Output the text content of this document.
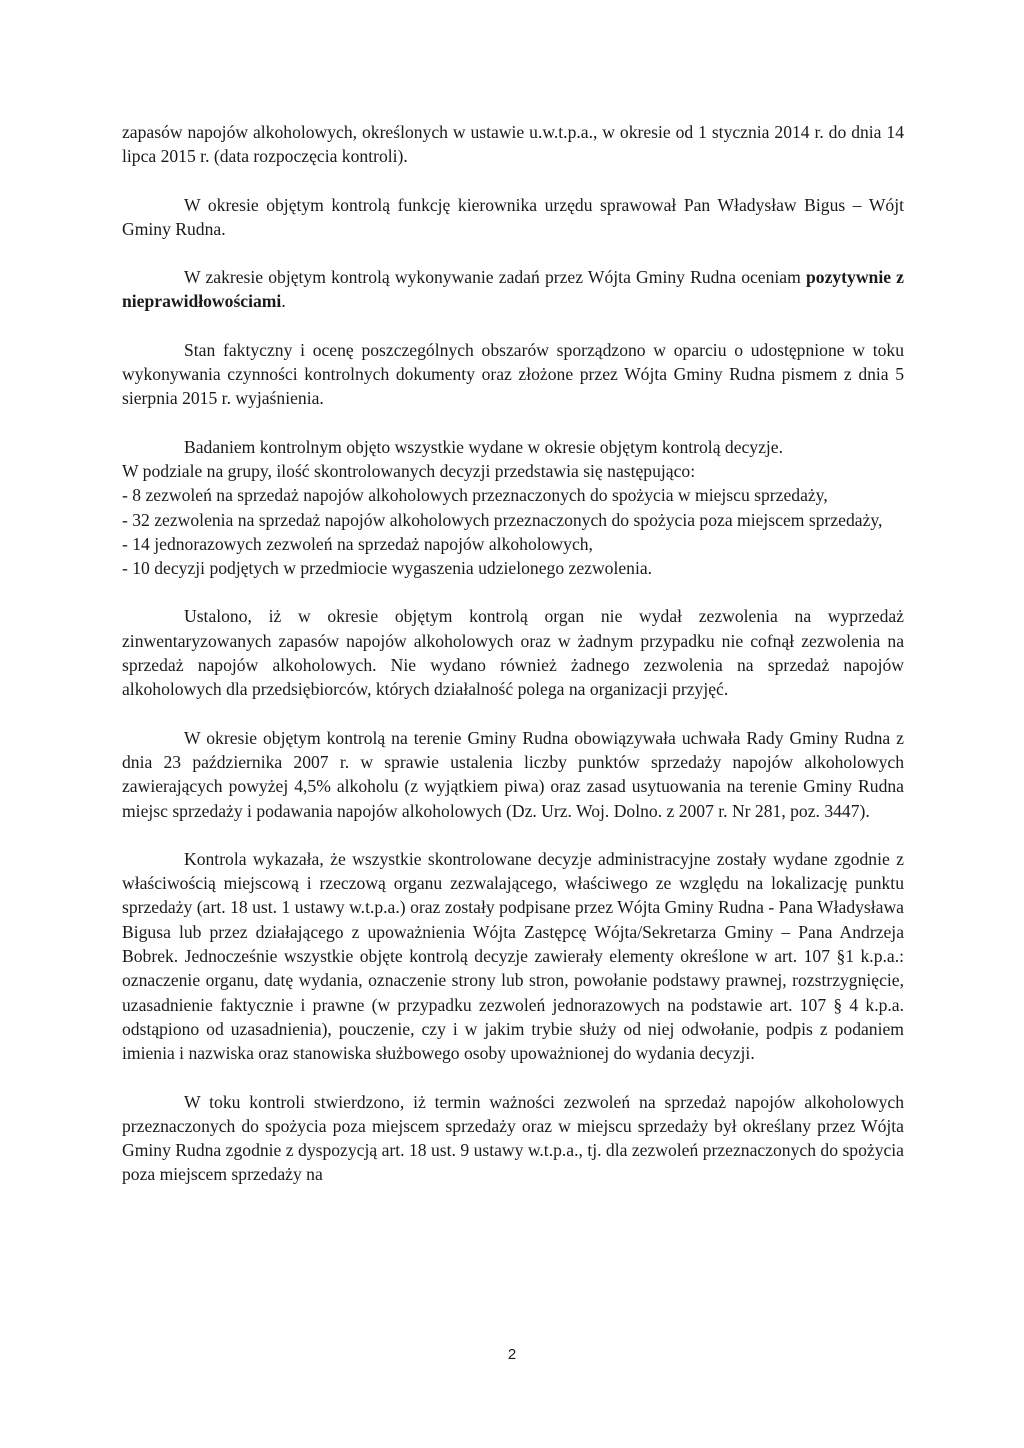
zapasów napojów alkoholowych, określonych w ustawie u.w.t.p.a., w okresie od 1 stycznia 2014 r. do dnia 14 lipca 2015 r. (data rozpoczęcia kontroli).

W okresie objętym kontrolą funkcję kierownika urzędu sprawował Pan Władysław Bigus – Wójt Gminy Rudna.

W zakresie objętym kontrolą wykonywanie zadań przez Wójta Gminy Rudna oceniam pozytywnie z nieprawidłowościami.

Stan faktyczny i ocenę poszczególnych obszarów sporządzono w oparciu o udostępnione w toku wykonywania czynności kontrolnych dokumenty oraz złożone przez Wójta Gminy Rudna pismem z dnia 5 sierpnia 2015 r. wyjaśnienia.

Badaniem kontrolnym objęto wszystkie wydane w okresie objętym kontrolą decyzje.

W podziale na grupy, ilość skontrolowanych decyzji przedstawia się następująco:

- 8 zezwoleń na sprzedaż napojów alkoholowych przeznaczonych do spożycia w miejscu sprzedaży,
- 32 zezwolenia na sprzedaż napojów alkoholowych przeznaczonych do spożycia poza miejscem sprzedaży,
- 14 jednorazowych zezwoleń na sprzedaż napojów alkoholowych,
- 10 decyzji podjętych w przedmiocie wygaszenia udzielonego zezwolenia.

Ustalono, iż w okresie objętym kontrolą organ nie wydał zezwolenia na wyprzedaż zinwentaryzowanych zapasów napojów alkoholowych oraz w żadnym przypadku nie cofnął zezwolenia na sprzedaż napojów alkoholowych. Nie wydano również żadnego zezwolenia na sprzedaż napojów alkoholowych dla przedsiębiorców, których działalność polega na organizacji przyjęć.

W okresie objętym kontrolą na terenie Gminy Rudna obowiązywała uchwała Rady Gminy Rudna z dnia 23 października 2007 r. w sprawie ustalenia liczby punktów sprzedaży napojów alkoholowych zawierających powyżej 4,5% alkoholu (z wyjątkiem piwa) oraz zasad usytuowania na terenie Gminy Rudna miejsc sprzedaży i podawania napojów alkoholowych (Dz. Urz. Woj. Dolno. z 2007 r. Nr 281, poz. 3447).

Kontrola wykazała, że wszystkie skontrolowane decyzje administracyjne zostały wydane zgodnie z właściwością miejscową i rzeczową organu zezwalającego, właściwego ze względu na lokalizację punktu sprzedaży (art. 18 ust. 1 ustawy w.t.p.a.) oraz zostały podpisane przez Wójta Gminy Rudna - Pana Władysława Bigusa lub przez działającego z upoważnienia Wójta Zastępcę Wójta/Sekretarza Gminy – Pana Andrzeja Bobrek. Jednocześnie wszystkie objęte kontrolą decyzje zawierały elementy określone w art. 107 §1 k.p.a.: oznaczenie organu, datę wydania, oznaczenie strony lub stron, powołanie podstawy prawnej, rozstrzygnięcie, uzasadnienie faktycznie i prawne (w przypadku zezwoleń jednorazowych na podstawie art. 107 § 4 k.p.a. odstąpiono od uzasadnienia), pouczenie, czy i w jakim trybie służy od niej odwołanie, podpis z podaniem imienia i nazwiska oraz stanowiska służbowego osoby upoważnionej do wydania decyzji.

W toku kontroli stwierdzono, iż termin ważności zezwoleń na sprzedaż napojów alkoholowych przeznaczonych do spożycia poza miejscem sprzedaży oraz w miejscu sprzedaży był określany przez Wójta Gminy Rudna zgodnie z dyspozycją art. 18 ust. 9 ustawy w.t.p.a., tj. dla zezwoleń przeznaczonych do spożycia poza miejscem sprzedaży na

2
